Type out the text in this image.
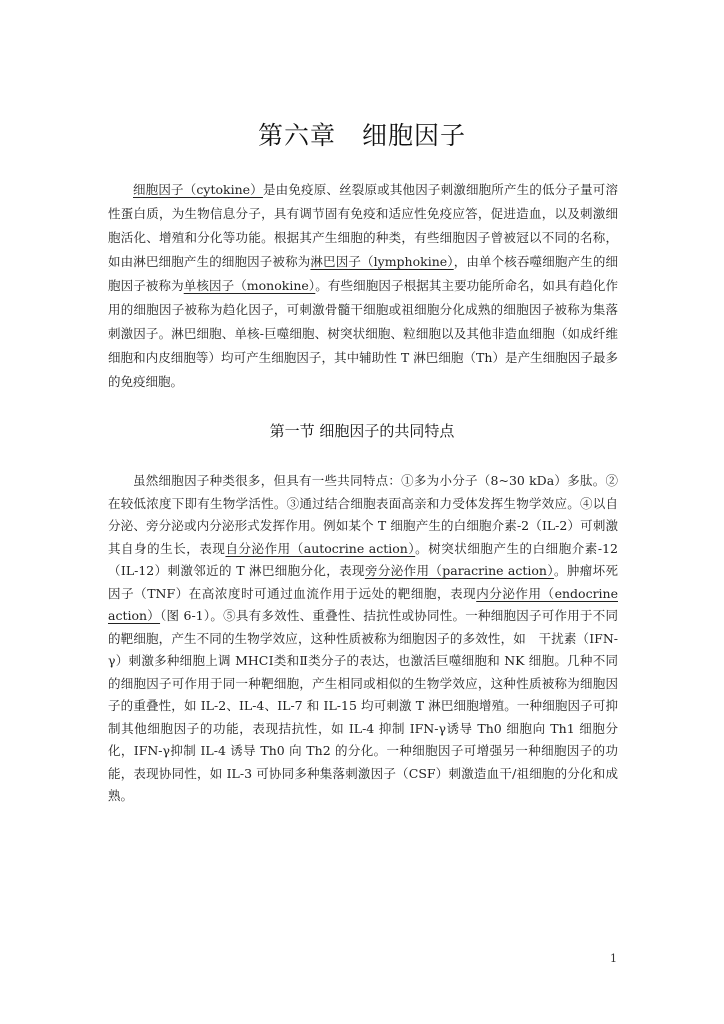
第六章　细胞因子

细胞因子（cytokine）是由免疫原、丝裂原或其他因子刺激细胞所产生的低分子量可溶性蛋白质，为生物信息分子，具有调节固有免疫和适应性免疫应答，促进造血，以及刺激细胞活化、增殖和分化等功能。根据其产生细胞的种类，有些细胞因子曾被冠以不同的名称，如由淋巴细胞产生的细胞因子被称为淋巴因子（lymphokine），由单个核吞噬细胞产生的细胞因子被称为单核因子（monokine）。有些细胞因子根据其主要功能所命名，如具有趋化作用的细胞因子被称为趋化因子，可刺激骨髓干细胞或祖细胞分化成熟的细胞因子被称为集落刺激因子。淋巴细胞、单核-巨噬细胞、树突状细胞、粒细胞以及其他非造血细胞（如成纤维细胞和内皮细胞等）均可产生细胞因子，其中辅助性 T 淋巴细胞（Th）是产生细胞因子最多的免疫细胞。

第一节 细胞因子的共同特点

虽然细胞因子种类很多，但具有一些共同特点：①多为小分子（8~30 kDa）多肽。②在较低浓度下即有生物学活性。③通过结合细胞表面高亲和力受体发挥生物学效应。④以自分泌、旁分泌或内分泌形式发挥作用。例如某个 T 细胞产生的白细胞介素-2（IL-2）可刺激其自身的生长，表现自分泌作用（autocrine action）。树突状细胞产生的白细胞介素-12（IL-12）刺激邻近的 T 淋巴细胞分化，表现旁分泌作用（paracrine action）。肿瘤坏死因子（TNF）在高浓度时可通过血流作用于远处的靶细胞，表现内分泌作用（endocrine action）（图 6-1）。⑤具有多效性、重叠性、拮抗性或协同性。一种细胞因子可作用于不同的靶细胞，产生不同的生物学效应，这种性质被称为细胞因子的多效性，如　干扰素（IFN-γ）刺激多种细胞上调 MHCⅠ类和Ⅱ类分子的表达，也激活巨噬细胞和 NK 细胞。几种不同的细胞因子可作用于同一种靶细胞，产生相同或相似的生物学效应，这种性质被称为细胞因子的重叠性，如 IL-2、IL-4、IL-7 和 IL-15 均可刺激 T 淋巴细胞增殖。一种细胞因子可抑制其他细胞因子的功能，表现拮抗性，如 IL-4 抑制 IFN-γ诱导 Th0 细胞向 Th1 细胞分化，IFN-γ抑制 IL-4 诱导 Th0 向 Th2 的分化。一种细胞因子可增强另一种细胞因子的功能，表现协同性，如 IL-3 可协同多种集落刺激因子（CSF）刺激造血干/祖细胞的分化和成熟。

1
